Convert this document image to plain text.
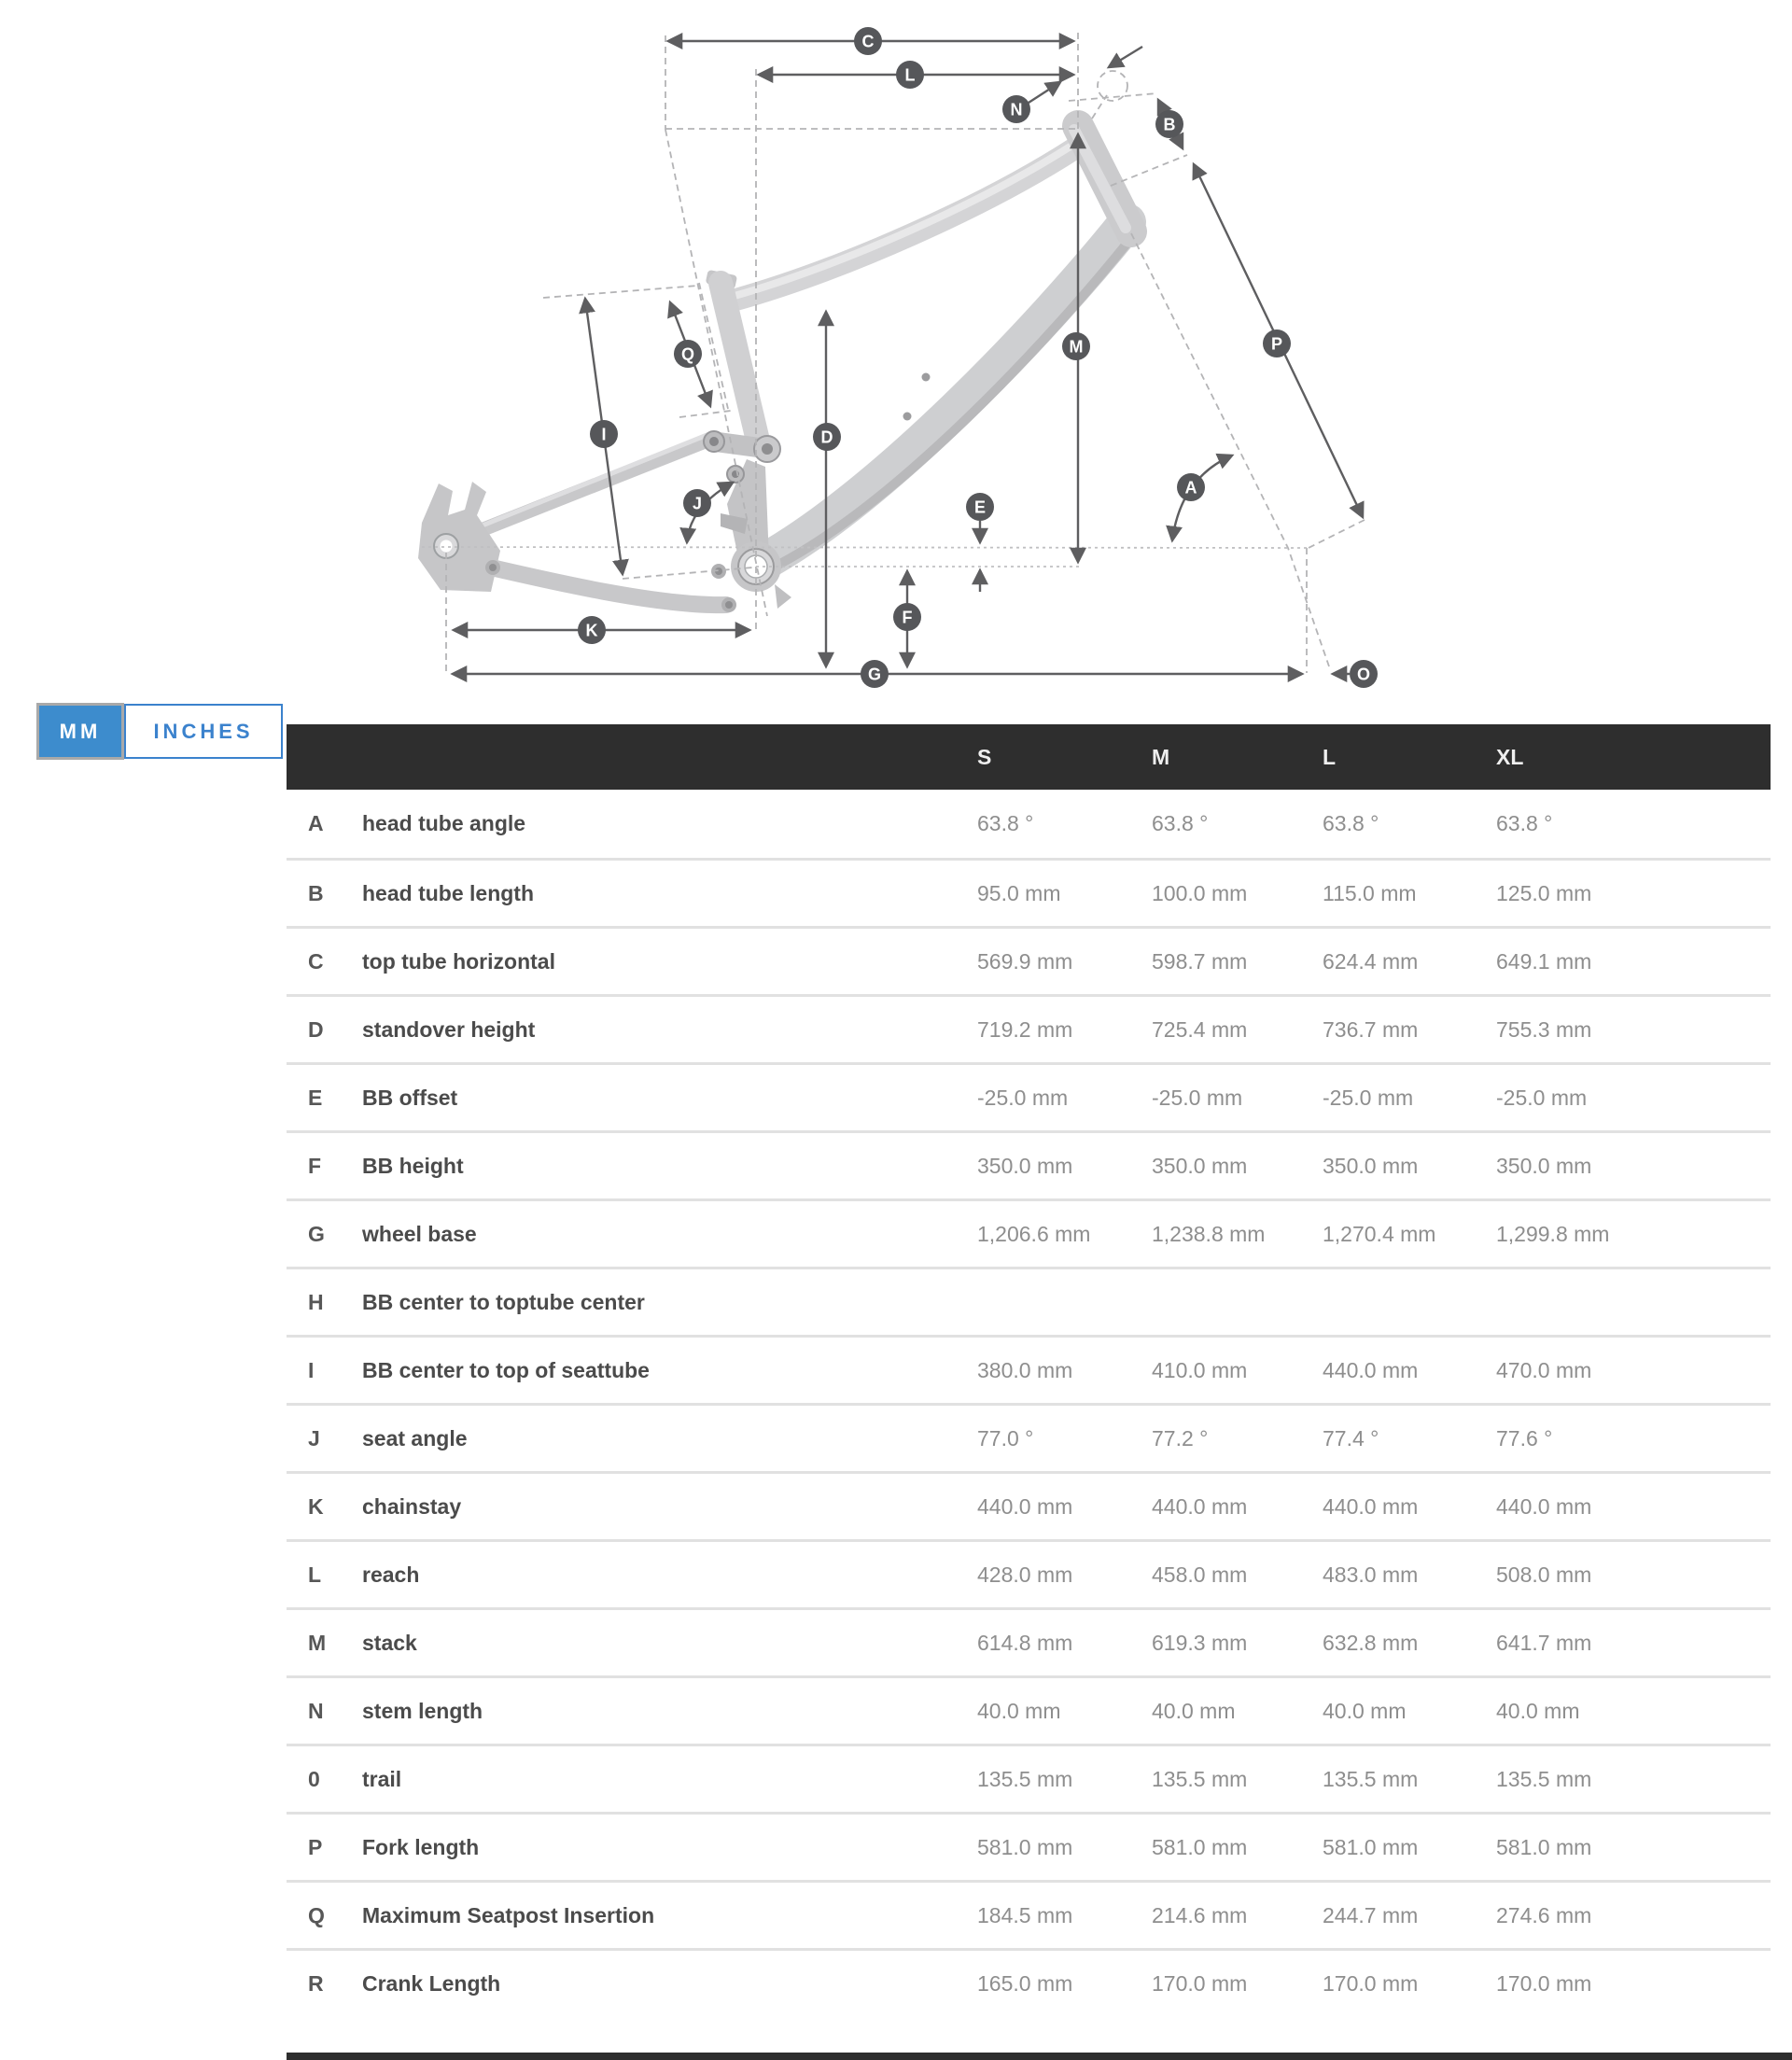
C
L
N
B
Q	M	P
I	D
A
J	E
F
K
G	O
MM	INCHES
S	M	L	XL
A	head tube angle	63.8 °	63.8 °	63.8 °	63.8 °
B	head tube length	95.0 mm	100.0 mm	115.0 mm	125.0 mm
C	top tube horizontal	569.9 mm	598.7 mm	624.4 mm	649.1 mm
D	standover height	719.2 mm	725.4 mm	736.7 mm	755.3 mm
E	BB offset	-25.0 mm	-25.0 mm	-25.0 mm	-25.0 mm
F	BB height	350.0 mm	350.0 mm	350.0 mm	350.0 mm
G	wheel base	1,206.6 mm	1,238.8 mm	1,270.4 mm	1,299.8 mm
H	BB center to toptube center
I	BB center to top of seattube	380.0 mm	410.0 mm	440.0 mm	470.0 mm
J	seat angle	77.0 °	77.2 °	77.4 °	77.6 °
K	chainstay	440.0 mm	440.0 mm	440.0 mm	440.0 mm
L	reach	428.0 mm	458.0 mm	483.0 mm	508.0 mm
M	stack	614.8 mm	619.3 mm	632.8 mm	641.7 mm
N	stem length	40.0 mm	40.0 mm	40.0 mm	40.0 mm
0	trail	135.5 mm	135.5 mm	135.5 mm	135.5 mm
P	Fork length	581.0 mm	581.0 mm	581.0 mm	581.0 mm
Q	Maximum Seatpost Insertion	184.5 mm	214.6 mm	244.7 mm	274.6 mm
R	Crank Length	165.0 mm	170.0 mm	170.0 mm	170.0 mm
